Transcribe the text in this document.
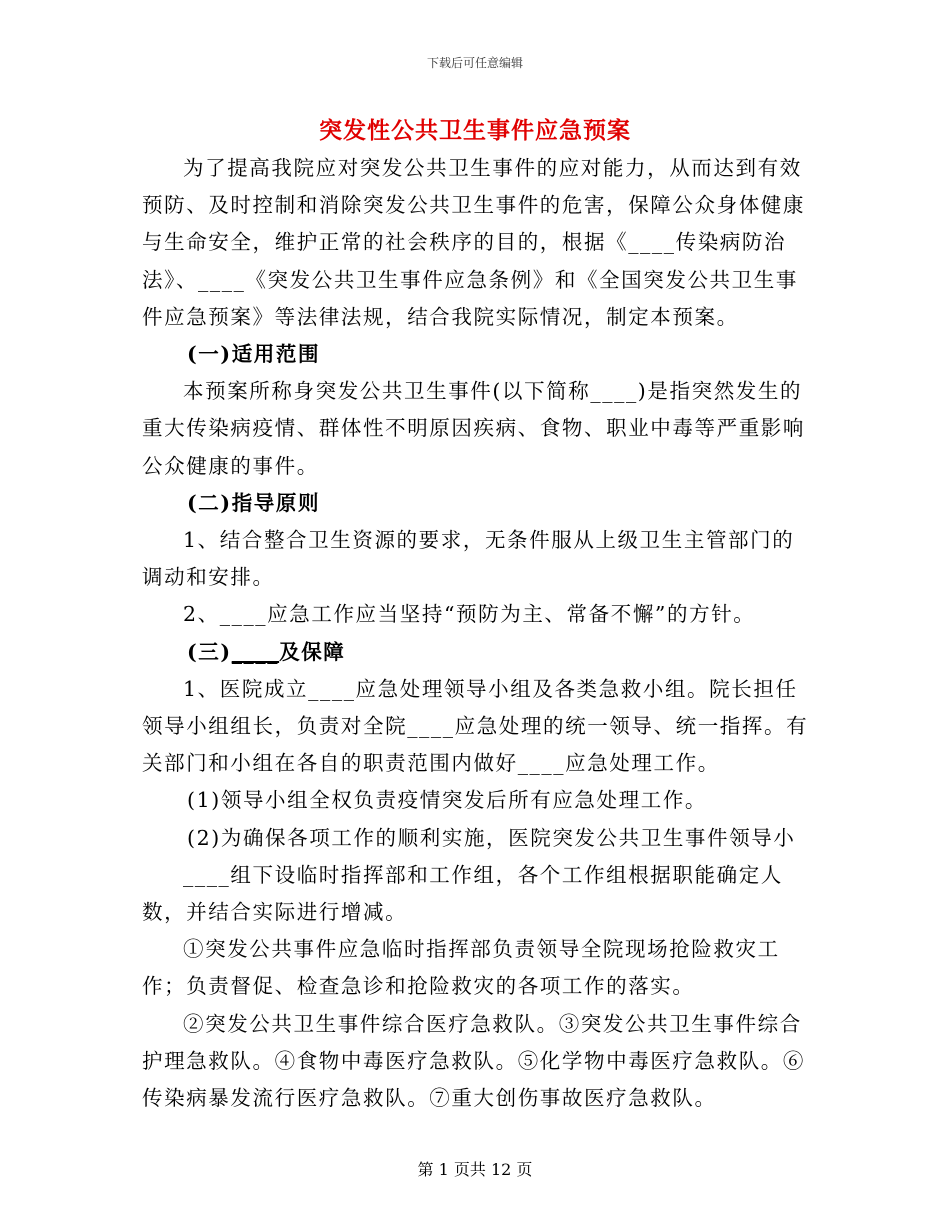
下载后可任意编辑
突发性公共卫生事件应急预案

为了提高我院应对突发公共卫生事件的应对能力，从而达到有效预防、及时控制和消除突发公共卫生事件的危害，保障公众身体健康与生命安全，维护正常的社会秩序的目的，根据《____传染病防治法》、____《突发公共卫生事件应急条例》和《全国突发公共卫生事件应急预案》等法律法规，结合我院实际情况，制定本预案。

(一)适用范围

本预案所称身突发公共卫生事件(以下简称____)是指突然发生的重大传染病疫情、群体性不明原因疾病、食物、职业中毒等严重影响公众健康的事件。

(二)指导原则

1、结合整合卫生资源的要求，无条件服从上级卫生主管部门的调动和安排。

2、____应急工作应当坚持“预防为主、常备不懈”的方针。

(三)____及保障

1、医院成立____应急处理领导小组及各类急救小组。院长担任领导小组组长，负责对全院____应急处理的统一领导、统一指挥。有关部门和小组在各自的职责范围内做好____应急处理工作。

(1)领导小组全权负责疫情突发后所有应急处理工作。

(2)为确保各项工作的顺利实施，医院突发公共卫生事件领导小

____组下设临时指挥部和工作组，各个工作组根据职能确定人数，并结合实际进行增减。

①突发公共事件应急临时指挥部负责领导全院现场抢险救灾工作；负责督促、检查急诊和抢险救灾的各项工作的落实。

②突发公共卫生事件综合医疗急救队。③突发公共卫生事件综合护理急救队。④食物中毒医疗急救队。⑤化学物中毒医疗急救队。⑥传染病暴发流行医疗急救队。⑦重大创伤事故医疗急救队。

第 1 页共 12 页
